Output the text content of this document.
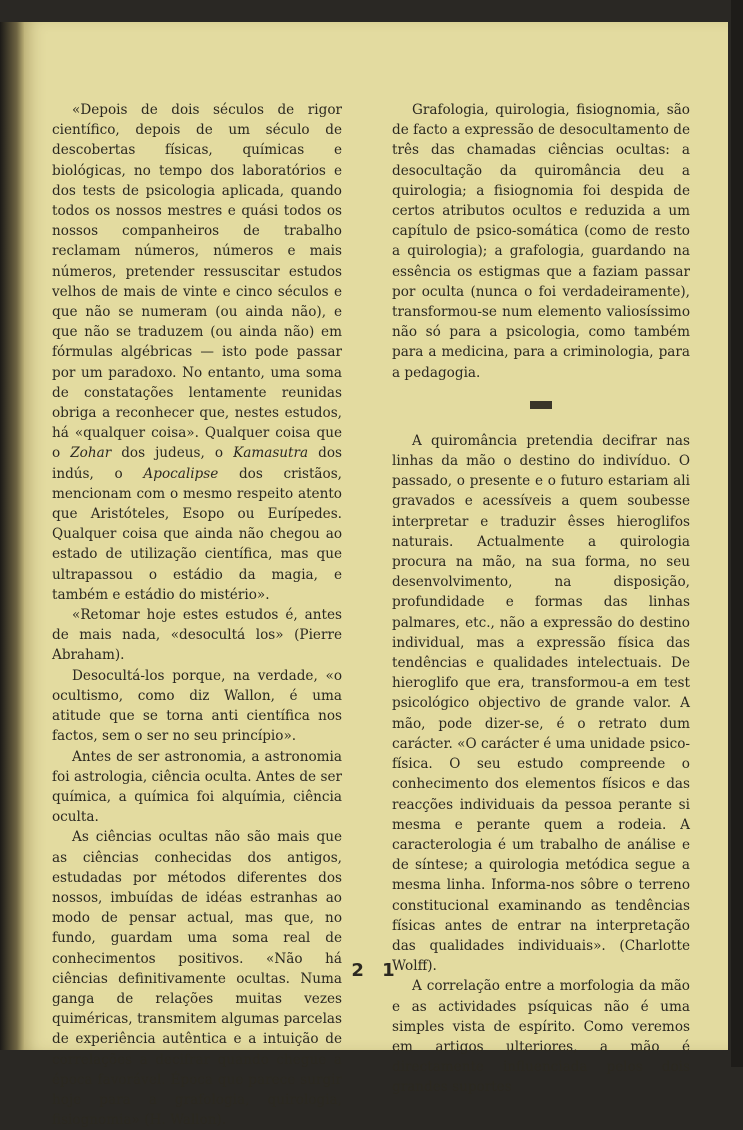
«Depois de dois séculos de rigor científico, depois de um século de descobertas físicas, químicas e biológicas, no tempo dos laboratórios e dos tests de psicologia aplicada, quando todos os nossos mestres e quási todos os nossos companheiros de trabalho reclamam números, números e mais números, pretender ressuscitar estudos velhos de mais de vinte e cinco séculos e que não se numeram (ou ainda não), e que não se traduzem (ou ainda não) em fórmulas algébricas — isto pode passar por um paradoxo. No entanto, uma soma de constatações lentamente reunidas obriga a reconhecer que, nestes estudos, há «qualquer coisa». Qualquer coisa que o Zohar dos judeus, o Kamasutra dos indús, o Apocalipse dos cristãos, mencionam com o mesmo respeito atento que Aristóteles, Esopo ou Eurípedes. Qualquer coisa que ainda não chegou ao estado de utilização científica, mas que ultrapassou o estádio da magia, e também e estádio do mistério».

«Retomar hoje estes estudos é, antes de mais nada, «desocultá los» (Pierre Abraham).

Desocultá-los porque, na verdade, «o ocultismo, como diz Wallon, é uma atitude que se torna anti científica nos factos, sem o ser no seu princípio».

Antes de ser astronomia, a astronomia foi astrologia, ciência oculta. Antes de ser química, a química foi alquímia, ciência oculta.

As ciências ocultas não são mais que as ciências conhecidas dos antigos, estudadas por métodos diferentes dos nossos, imbuídas de idéas estranhas ao modo de pensar actual, mas que, no fundo, guardam uma soma real de conhecimentos positivos. «Não há ciências definitivamente ocultas. Numa ganga de relações muitas vezes quiméricas, transmitem algumas parcelas de experiência autêntica e a intuição de correlações a decifrar quando chegue a época favorável. Época que parece surgir hoje para a grafologia, quirologia, fisiognomia» (H. Wallon).

Grafologia, quirologia, fisiognomia, são de facto a expressão de desocultamento de três das chamadas ciências ocultas: a desocultação da quiromância deu a quirologia; a fisiognomia foi despida de certos atributos ocultos e reduzida a um capítulo de psico-somática (como de resto a quirologia); a grafologia, guardando na essência os estigmas que a faziam passar por oculta (nunca o foi verdadeiramente), transformou-se num elemento valiosíssimo não só para a psicologia, como também para a medicina, para a criminologia, para a pedagogia.

A quiromância pretendia decifrar nas linhas da mão o destino do indivíduo. O passado, o presente e o futuro estariam ali gravados e acessíveis a quem soubesse interpretar e traduzir êsses hieroglifos naturais. Actualmente a quirologia procura na mão, na sua forma, no seu desenvolvimento, na disposição, profundidade e formas das linhas palmares, etc., não a expressão do destino individual, mas a expressão física das tendências e qualidades intelectuais. De hieroglifo que era, transformou-a em test psicológico objectivo de grande valor. A mão, pode dizer-se, é o retrato dum carácter. «O carácter é uma unidade psico-física. O seu estudo compreende o conhecimento dos elementos físicos e das reacções individuais da pessoa perante si mesma e perante quem a rodeia. A caracterologia é um trabalho de análise e de síntese; a quirologia metódica segue a mesma linha. Informa-nos sôbre o terreno constitucional examinando as tendências físicas antes de entrar na interpretação das qualidades individuais». (Charlotte Wolff).

A correlação entre a morfologia da mão e as actividades psíquicas não é uma simples vista de espírito. Como veremos em artigos ulteriores, a mão é directamente influenciada pelos dois grandes suportes

2 1
